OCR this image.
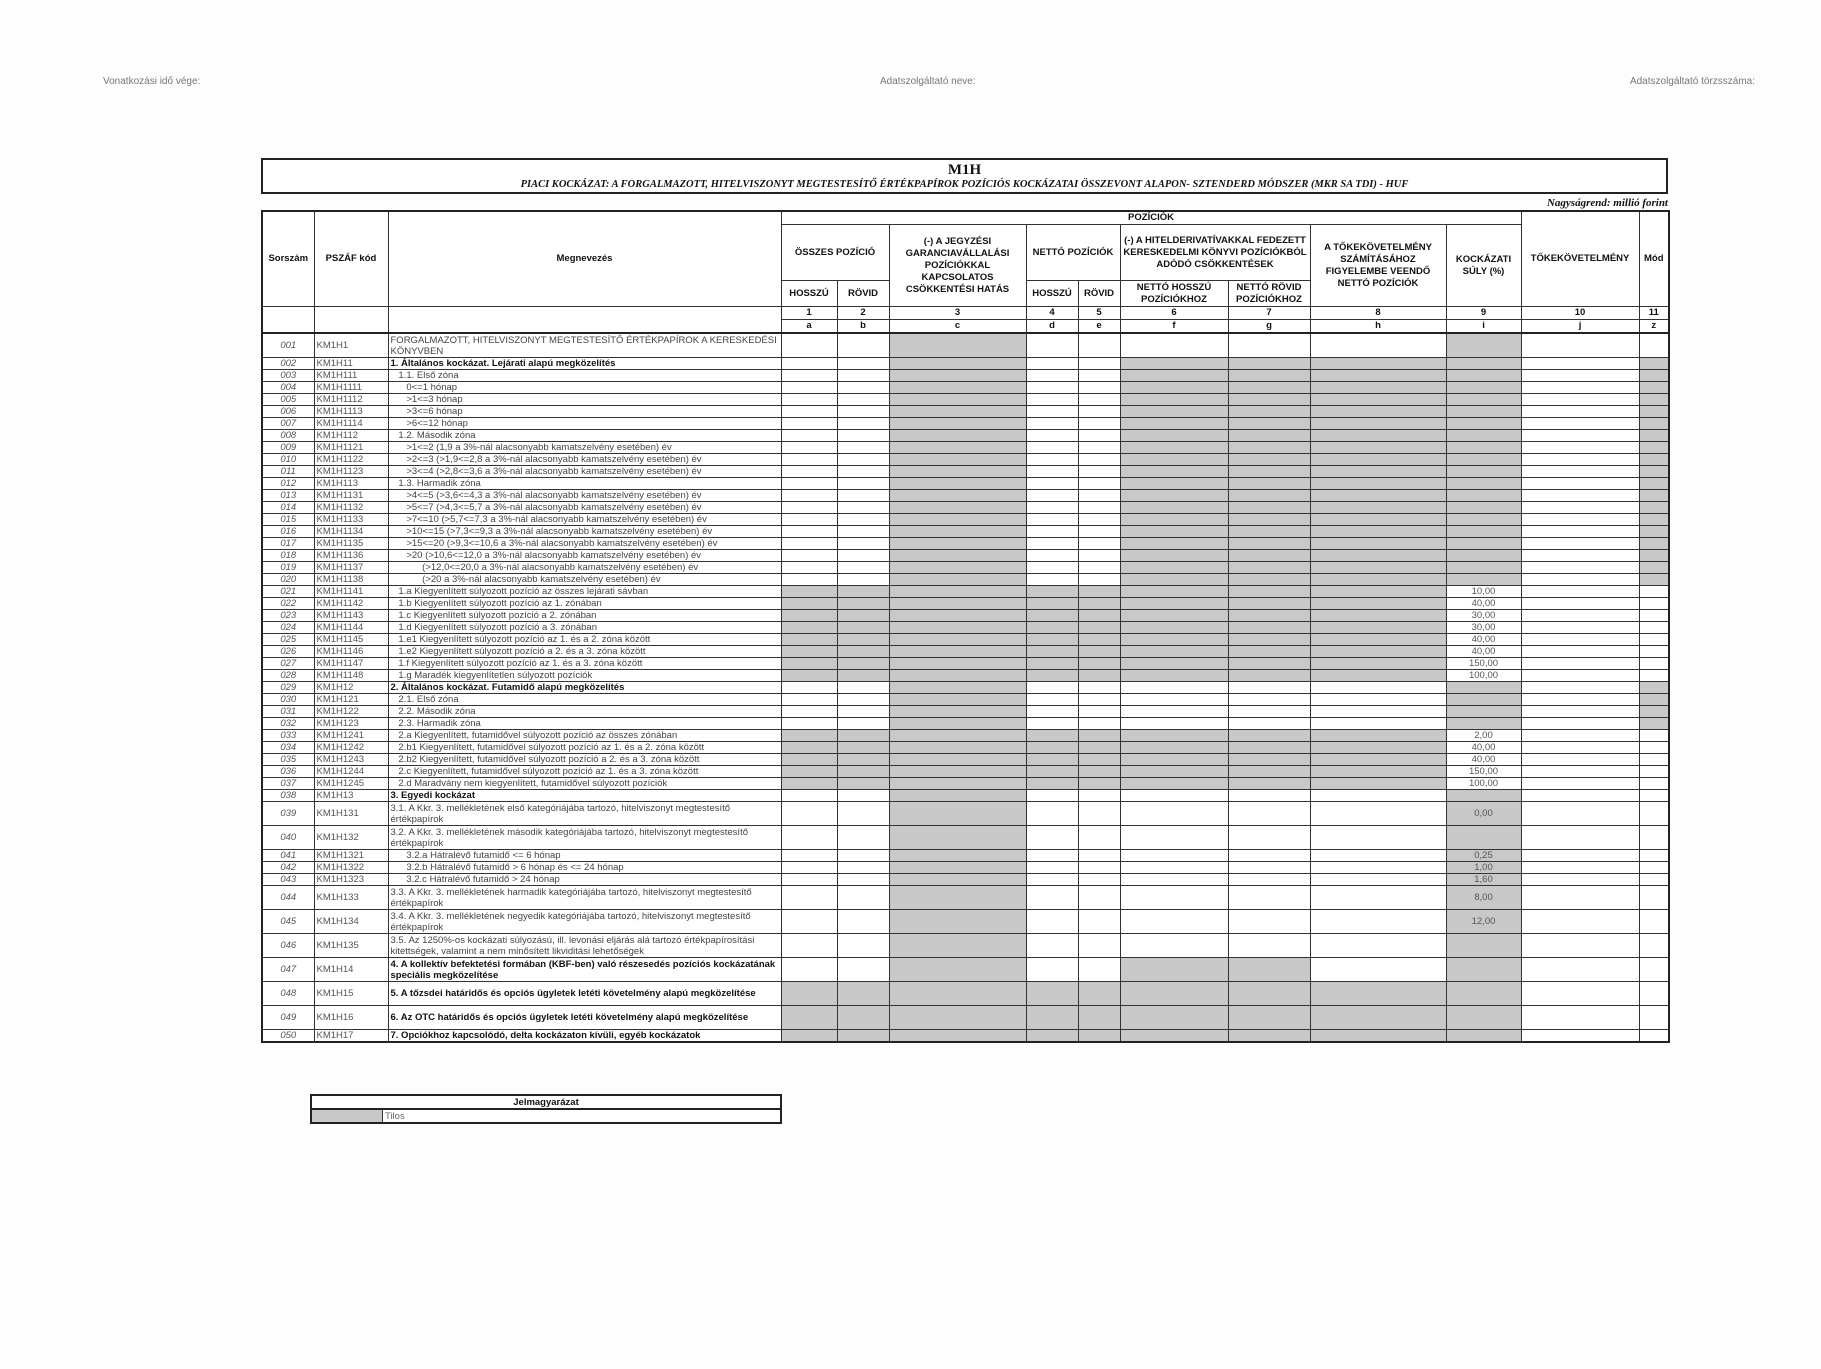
Vonatkozási idő vége:	Adatszolgáltató neve:	Adatszolgáltató törzsszáma:
M1H
PIACI KOCKÁZAT: A FORGALMAZOTT, HITELVISZONYT MEGTESTESÍTŐ ÉRTÉKPAPÍROK POZÍCIÓS KOCKÁZATAI ÖSSZEVONT ALAPON- SZTENDERD MÓDSZER (MKR SA TDI) - HUF
Nagyságrend: millió forint
Sorszám	PSZÁF kód	Megnevezés	POZÍCIÓK									TŐKEKÖVETELMÉNY	Mód
			ÖSSZES POZÍCIÓ		(-) A JEGYZÉSI GARANCIAVÁLLALÁSI POZÍCIÓKKAL KAPCSOLATOS CSÖKKENTÉSI HATÁS	NETTÓ POZÍCIÓK		(-) A HITELDERIVATÍVAKKAL FEDEZETT KERESKEDELMI KÖNYVI POZÍCIÓKBÓL ADÓDÓ CSÖKKENTÉSEK		A TŐKEKÖVETELMÉNY SZÁMÍTÁSÁHOZ FIGYELEMBE VEENDŐ NETTÓ POZÍCIÓK	KOCKÁZATI SÚLY (%)		
			HOSSZÚ	RÖVID		HOSSZÚ	RÖVID	NETTÓ HOSSZÚ POZÍCIÓKHOZ	NETTÓ RÖVID POZÍCIÓKHOZ				
			1	2	3	4	5	6	7	8	9	10	11
			a	b	c	d	e	f	g	h	i	j	z
001	KM1H1	FORGALMAZOTT, HITELVISZONYT MEGTESTESÍTŐ ÉRTÉKPAPÍROK A KERESKEDÉSI KÖNYVBEN											
002	KM1H11	1. Általános kockázat. Lejárati alapú megközelítés											
003	KM1H111	1.1. Első zóna											
004	KM1H1111	0<=1 hónap											
005	KM1H1112	>1<=3 hónap											
006	KM1H1113	>3<=6 hónap											
007	KM1H1114	>6<=12 hónap											
008	KM1H112	1.2. Második zóna											
009	KM1H1121	>1<=2 (1,9 a 3%-nál alacsonyabb kamatszelvény esetében) év											
010	KM1H1122	>2<=3 (>1,9<=2,8 a 3%-nál alacsonyabb kamatszelvény esetében) év											
011	KM1H1123	>3<=4 (>2,8<=3,6 a 3%-nál alacsonyabb kamatszelvény esetében) év											
012	KM1H113	1.3. Harmadik zóna											
013	KM1H1131	>4<=5 (>3,6<=4,3 a 3%-nál alacsonyabb kamatszelvény esetében) év											
014	KM1H1132	>5<=7 (>4,3<=5,7 a 3%-nál alacsonyabb kamatszelvény esetében) év											
015	KM1H1133	>7<=10 (>5,7<=7,3 a 3%-nál alacsonyabb kamatszelvény esetében) év											
016	KM1H1134	>10<=15 (>7,3<=9,3 a 3%-nál alacsonyabb kamatszelvény esetében) év											
017	KM1H1135	>15<=20 (>9,3<=10,6 a 3%-nál alacsonyabb kamatszelvény esetében) év											
018	KM1H1136	>20 (>10,6<=12,0 a 3%-nál alacsonyabb kamatszelvény esetében) év											
019	KM1H1137	(>12,0<=20,0 a 3%-nál alacsonyabb kamatszelvény esetében) év											
020	KM1H1138	(>20 a 3%-nál alacsonyabb kamatszelvény esetében) év											
021	KM1H1141	1.a Kiegyenlített súlyozott pozíció az összes lejárati sávban									10,00		
022	KM1H1142	1.b Kiegyenlített súlyozott pozíció az 1. zónában									40,00		
023	KM1H1143	1.c Kiegyenlített súlyozott pozíció a 2. zónában									30,00		
024	KM1H1144	1.d Kiegyenlített súlyozott pozíció a 3. zónában									30,00		
025	KM1H1145	1.e1 Kiegyenlített súlyozott pozíció az 1. és a 2. zóna között									40,00		
026	KM1H1146	1.e2 Kiegyenlített súlyozott pozíció a 2. és a 3. zóna között									40,00		
027	KM1H1147	1.f Kiegyenlített súlyozott pozíció az 1. és a 3. zóna között									150,00		
028	KM1H1148	1.g Maradék kiegyenlítetlen súlyozott pozíciók									100,00		
029	KM1H12	2. Általános kockázat. Futamidő alapú megközelítés											
030	KM1H121	2.1. Első zóna											
031	KM1H122	2.2. Második zóna											
032	KM1H123	2.3. Harmadik zóna											
033	KM1H1241	2.a Kiegyenlített, futamidővel súlyozott pozíció az összes zónában									2,00		
034	KM1H1242	2.b1 Kiegyenlített, futamidővel súlyozott pozíció az 1. és a 2. zóna között									40,00		
035	KM1H1243	2.b2 Kiegyenlített, futamidővel súlyozott pozíció a 2. és a 3. zóna között									40,00		
036	KM1H1244	2.c Kiegyenlített, futamidővel súlyozott pozíció az 1. és a 3. zóna között									150,00		
037	KM1H1245	2.d Maradvány nem kiegyenlített, futamidővel súlyozott pozíciók									100,00		
038	KM1H13	3. Egyedi kockázat											
039	KM1H131	3.1. A Kkr. 3. mellékletének első kategóriájába tartozó, hitelviszonyt megtestesítő értékpapírok									0,00		
040	KM1H132	3.2. A Kkr. 3. mellékletének második kategóriájába tartozó, hitelviszonyt megtestesítő értékpapírok											
041	KM1H1321	3.2.a Hátralévő futamidő <= 6 hónap									0,25		
042	KM1H1322	3.2.b Hátralévő futamidő > 6 hónap és <= 24 hónap									1,00		
043	KM1H1323	3.2.c Hátralévő futamidő > 24 hónap									1,60		
044	KM1H133	3.3. A Kkr. 3. mellékletének harmadik kategóriájába tartozó, hitelviszonyt megtestesítő értékpapírok									8,00		
045	KM1H134	3.4. A Kkr. 3. mellékletének negyedik kategóriájába tartozó, hitelviszonyt megtestesítő értékpapírok									12,00		
046	KM1H135	3.5. Az 1250%-os kockázati súlyozású, ill. levonási eljárás alá tartozó értékpapírosítási kitettségek, valamint a nem minősített likviditási lehetőségek											
047	KM1H14	4. A kollektív befektetési formában (KBF-ben) való részesedés pozíciós kockázatának speciális megközelítése											
048	KM1H15	5. A tőzsdei határidős és opciós ügyletek letéti követelmény alapú megközelítése											
049	KM1H16	6. Az OTC határidős és opciós ügyletek letéti követelmény alapú megközelítése											
050	KM1H17	7. Opciókhoz kapcsolódó, delta kockázaton kívüli, egyéb kockázatok											
Jelmagyarázat
	Tilos
